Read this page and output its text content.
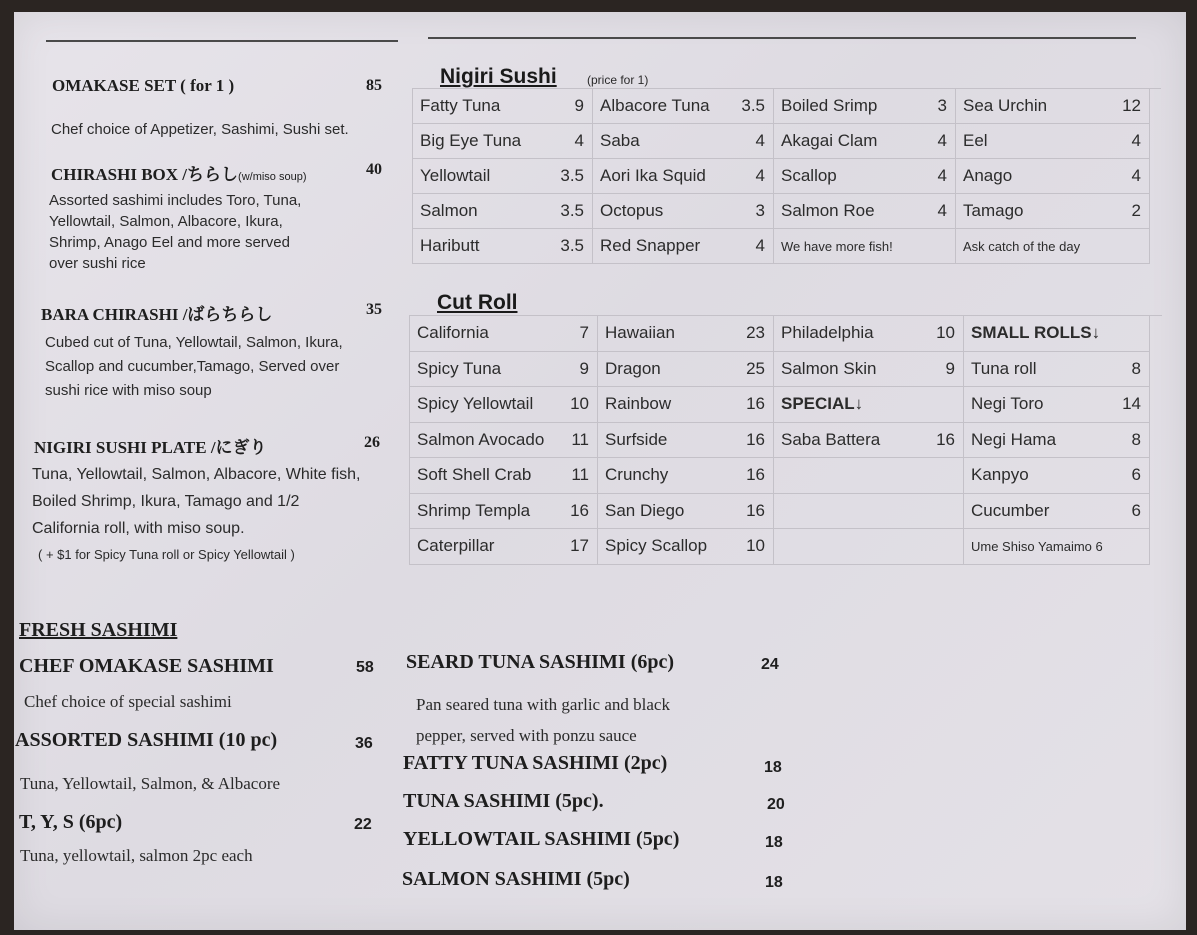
OMAKASE SET ( for 1 )	85
Chef choice of Appetizer, Sashimi, Sushi set.
CHIRASHI BOX /ちらし(w/miso soup)	40
Assorted sashimi includes Toro, Tuna,
Yellowtail, Salmon, Albacore, Ikura,
Shrimp, Anago Eel and more served
over sushi rice
BARA CHIRASHI /ばらちらし	35
Cubed cut of Tuna, Yellowtail, Salmon, Ikura,
Scallop and cucumber,Tamago, Served over
sushi rice with miso soup
NIGIRI SUSHI PLATE /にぎり	26
Tuna, Yellowtail, Salmon, Albacore, White fish,
Boiled Shrimp, Ikura, Tamago and 1/2
California roll, with miso soup.
( + $1 for Spicy Tuna roll or Spicy Yellowtail )
Nigiri Sushi	(price for 1)
Fatty Tuna	9 Albacore Tuna	3.5 Boiled Srimp	3 Sea Urchin	12
Big Eye Tuna	4 Saba	4 Akagai Clam	4 Eel	4
Yellowtail	3.5 Aori Ika Squid	4 Scallop	4 Anago	4
Salmon	3.5 Octopus	3 Salmon Roe	4 Tamago	2
Haributt	3.5 Red Snapper	4 We have more fish!	Ask catch of the day
Cut Roll
California	7 Hawaiian	23 Philadelphia	10 SMALL ROLLS↓
Spicy Tuna	9 Dragon	25 Salmon Skin	9 Tuna roll	8
Spicy Yellowtail	10 Rainbow	16 SPECIAL↓	Negi Toro	14
Salmon Avocado	11 Surfside	16 Saba Battera	16 Negi Hama	8
Soft Shell Crab	11 Crunchy	16	Kanpyo	6
Shrimp Templa	16 San Diego	16	Cucumber	6
Caterpillar	17 Spicy Scallop	10	Ume Shiso Yamaimo 6
FRESH SASHIMI
CHEF OMAKASE SASHIMI	58
Chef choice of special sashimi
ASSORTED SASHIMI (10 pc)	36
Tuna, Yellowtail, Salmon, & Albacore
T, Y, S (6pc)	22
Tuna, yellowtail, salmon 2pc each
SEARD TUNA SASHIMI (6pc)	24
Pan seared tuna with garlic and black
pepper, served with ponzu sauce
FATTY TUNA SASHIMI (2pc)	18
TUNA SASHIMI (5pc).	20
YELLOWTAIL SASHIMI (5pc)	18
SALMON SASHIMI (5pc)	18
